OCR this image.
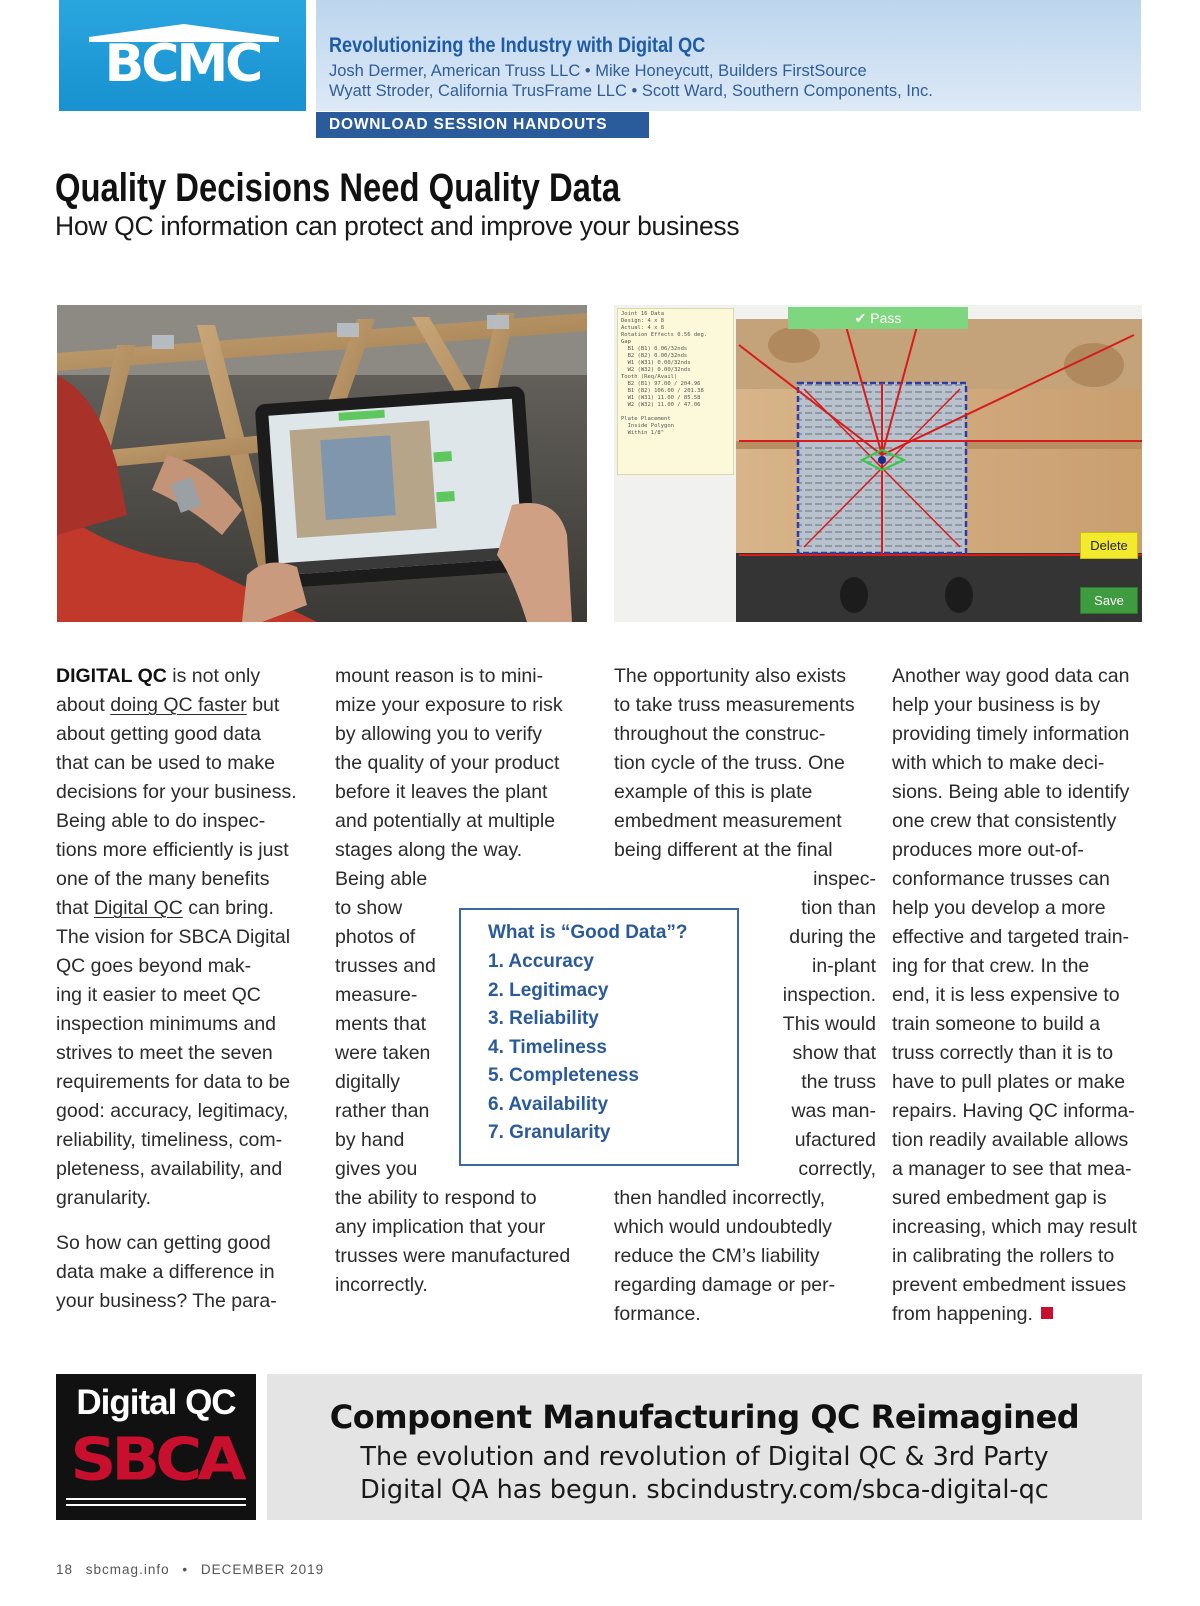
BCMC	Revolutionizing the Industry with Digital QC
Josh Dermer, American Truss LLC • Mike Honeycutt, Builders FirstSource
Wyatt Stroder, California TrusFrame LLC • Scott Ward, Southern Components, Inc.
DOWNLOAD SESSION HANDOUTS
Quality Decisions Need Quality Data
How QC information can protect and improve your business
Joint 16 Data
Design: 4 x 8
Actual: 4 x 8
Rotation Effects 0.56 deg.
Gap
B1 (B1) 0.06/32nds
B2 (B2) 0.00/32nds
W1 (W31) 0.00/32nds
W2 (W32) 0.00/32nds
Tooth (Req/Avail)
B2 (B1) 97.00 / 204.96
B1 (B2) 106.00 / 201.38
W1 (W31) 11.00 / 85.58
W2 (W32) 11.00 / 47.06

Plate Placement
Inside Polygon
Within 1/8"
✔ Pass
Delete
Save
DIGITAL QC is not only
about doing QC faster but
about getting good data
that can be used to make
decisions for your business.
Being able to do inspec-
tions more efficiently is just
one of the many benefits
that Digital QC can bring.
The vision for SBCA Digital
QC goes beyond mak-
ing it easier to meet QC
inspection minimums and
strives to meet the seven
requirements for data to be
good: accuracy, legitimacy,
reliability, timeliness, com-
pleteness, availability, and
granularity.
So how can getting good
data make a difference in
your business? The para-
mount reason is to mini-
mize your exposure to risk
by allowing you to verify
the quality of your product
before it leaves the plant
and potentially at multiple
stages along the way.
Being able
to show
photos of
trusses and
measure-
ments that
were taken
digitally
rather than
by hand
gives you
the ability to respond to
any implication that your
trusses were manufactured
incorrectly.
The opportunity also exists
to take truss measurements
throughout the construc-
tion cycle of the truss. One
example of this is plate
embedment measurement
being different at the final
inspec-
tion than
during the
in-plant
inspection.
This would
show that
the truss
was man-
ufactured
correctly,
then handled incorrectly,
which would undoubtedly
reduce the CM’s liability
regarding damage or per-
formance.
Another way good data can
help your business is by
providing timely information
with which to make deci-
sions. Being able to identify
one crew that consistently
produces more out-of-
conformance trusses can
help you develop a more
effective and targeted train-
ing for that crew. In the
end, it is less expensive to
train someone to build a
truss correctly than it is to
have to pull plates or make
repairs. Having QC informa-
tion readily available allows
a manager to see that mea-
sured embedment gap is
increasing, which may result
in calibrating the rollers to
prevent embedment issues
from happening.
What is “Good Data”?
1. Accuracy
2. Legitimacy
3. Reliability
4. Timeliness
5. Completeness
6. Availability
7. Granularity
Digital QC
SBCA
Component Manufacturing QC Reimagined
The evolution and revolution of Digital QC & 3rd Party
Digital QA has begun. sbcindustry.com/sbca-digital-qc
18 sbcmag.info • DECEMBER 2019
